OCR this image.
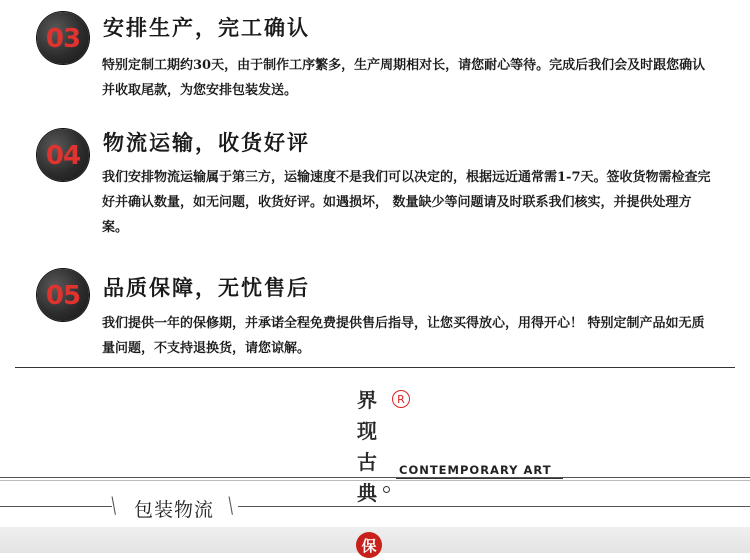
03	安排生产，完工确认
特别定制工期约30天，由于制作工序繁多，生产周期相对长，请您耐心等待。完成后我们会及时跟您确认并收取尾款，为您安排包装发送。
04	物流运输，收货好评
我们安排物流运输属于第三方，运输速度不是我们可以决定的，根据远近通常需1-7天。签收货物需检查完好并确认数量，如无问题，收货好评。如遇损坏， 数量缺少等问题请及时联系我们核实，并提供处理方案。
05	品质保障，无忧售后
我们提供一年的保修期，并承诺全程免费提供售后指导，让您买得放心，用得开心！ 特别定制产品如无质量问题，不支持退换货，请您谅解。
界
现
古
典
R
CONTEMPORARY ART
\ 包装物流 \
保
